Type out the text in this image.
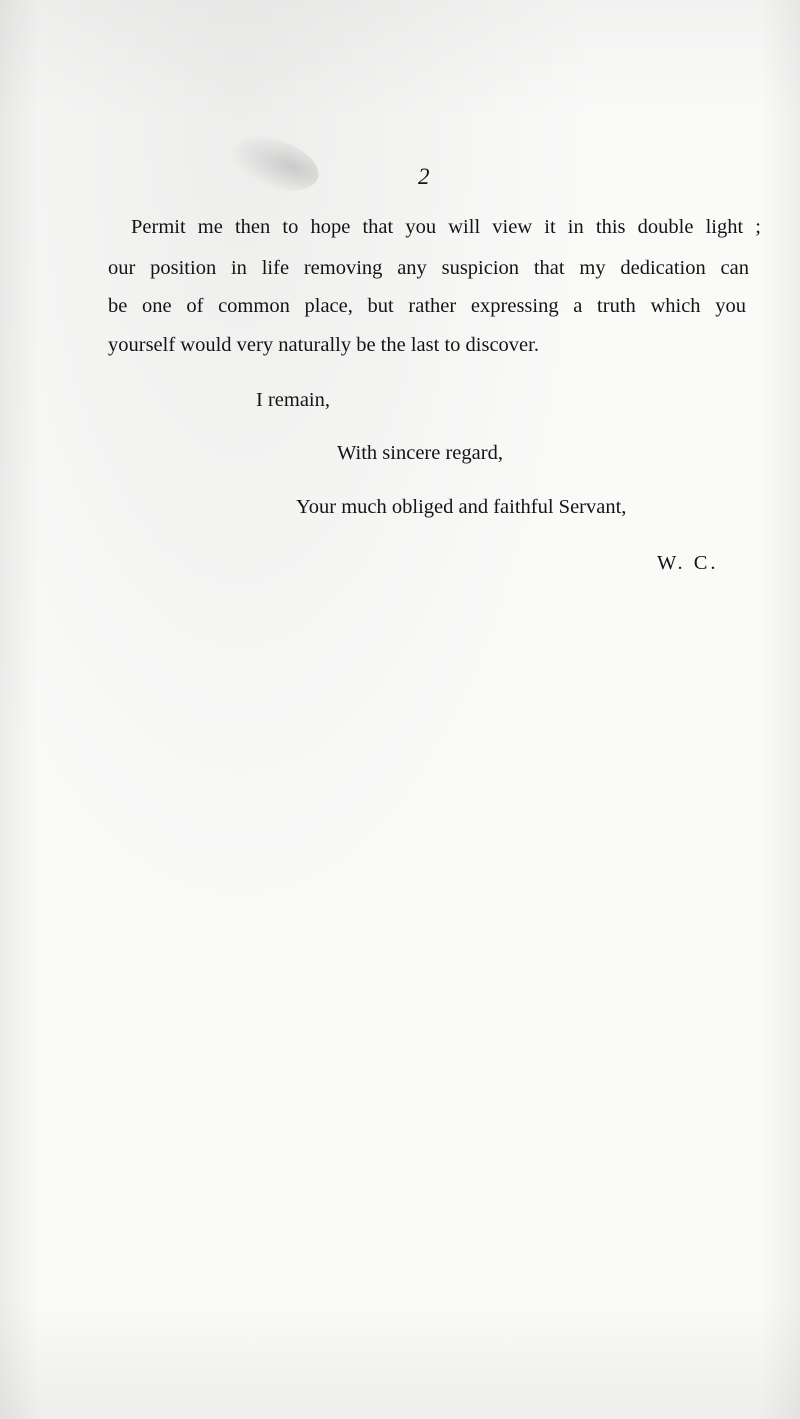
2
Permit me then to hope that you will view it in this double light ;
our position in life removing any suspicion that my dedication can
be one of common place, but rather expressing a truth which you
yourself would very naturally be the last to discover.
I remain,
With sincere regard,
Your much obliged and faithful Servant,
W. C.
